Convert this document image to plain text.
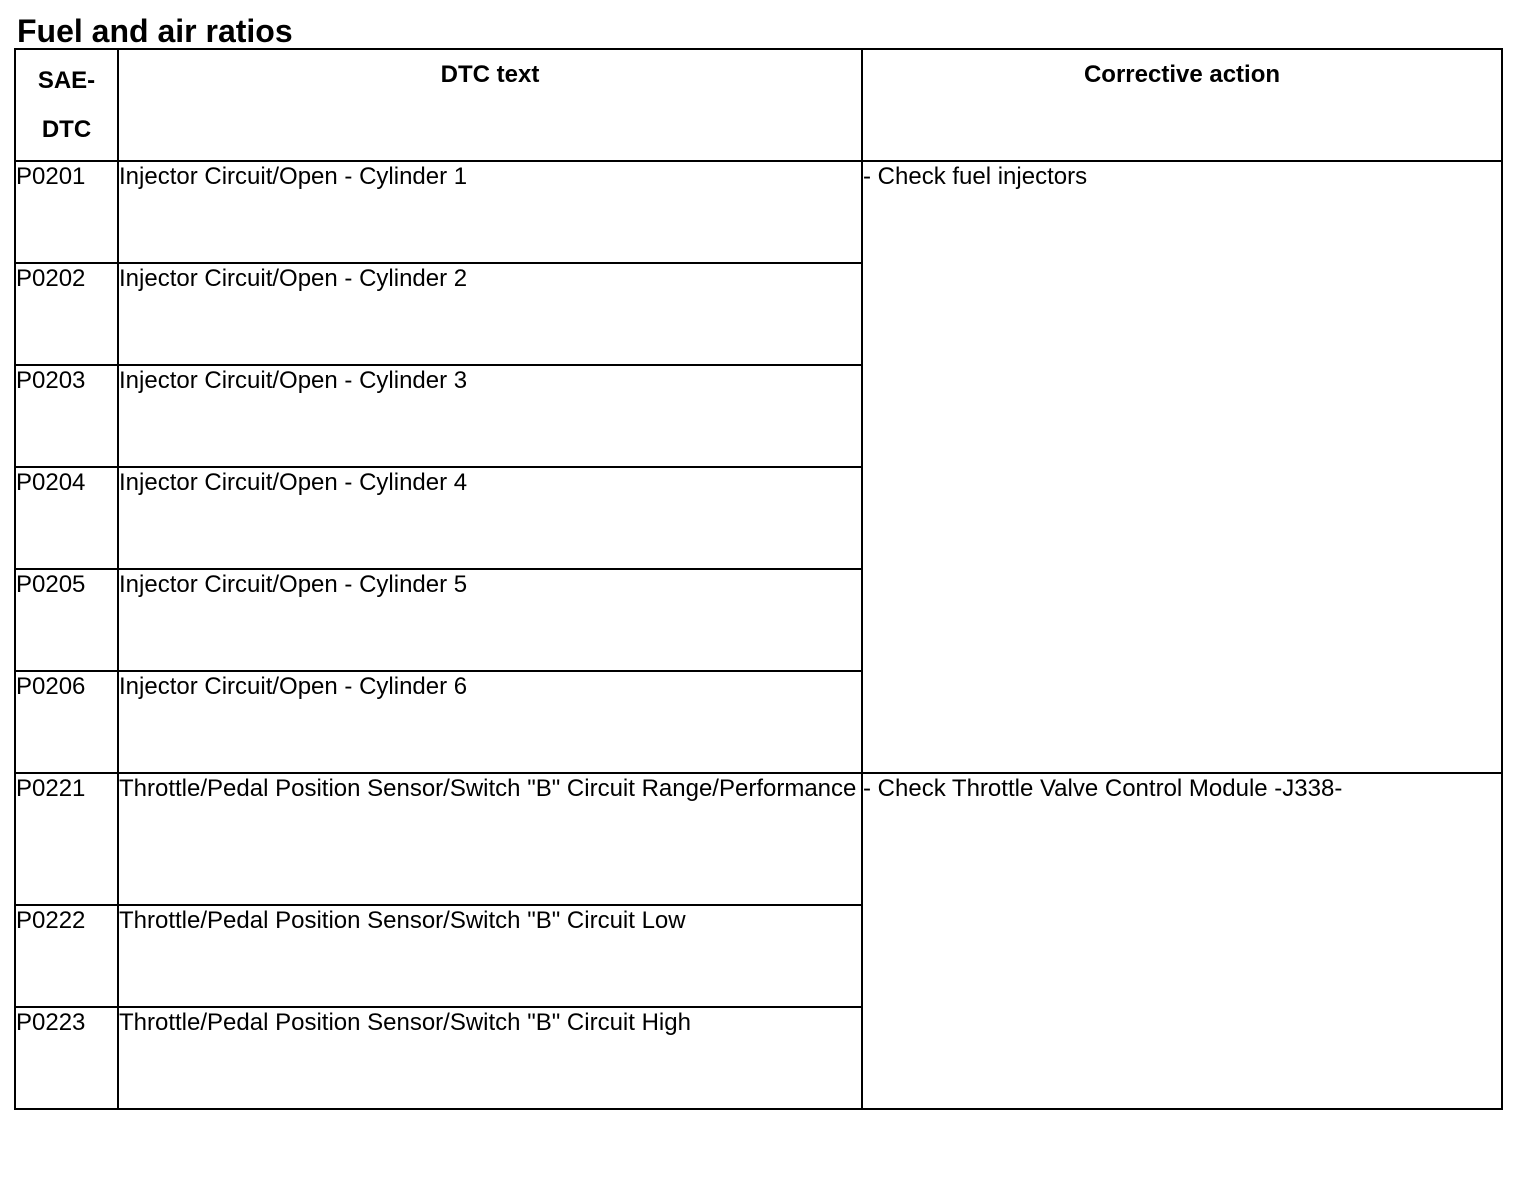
Fuel and air ratios
SAE-
DTC	DTC text	Corrective action

P0201	Injector Circuit/Open - Cylinder 1	- Check fuel injectors
P0202	Injector Circuit/Open - Cylinder 2	
P0203	Injector Circuit/Open - Cylinder 3	
P0204	Injector Circuit/Open - Cylinder 4	
P0205	Injector Circuit/Open - Cylinder 5	
P0206	Injector Circuit/Open - Cylinder 6	
P0221	Throttle/Pedal Position Sensor/Switch "B" Circuit Range/Performance	- Check Throttle Valve Control Module -J338-
P0222	Throttle/Pedal Position Sensor/Switch "B" Circuit Low	
P0223	Throttle/Pedal Position Sensor/Switch "B" Circuit High	
